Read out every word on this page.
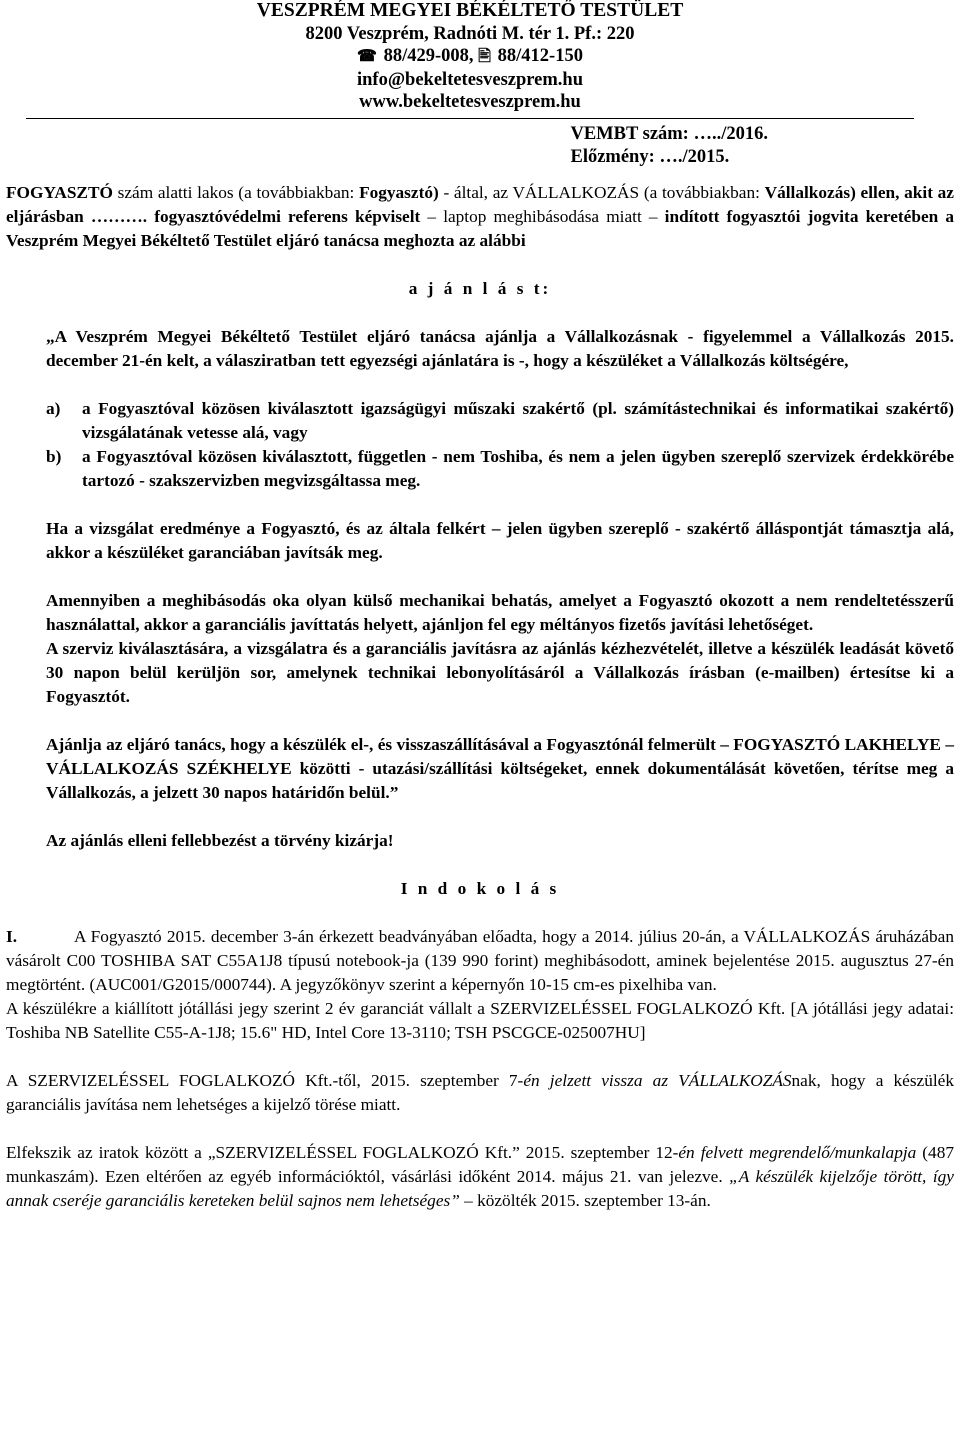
VESZPRÉM MEGYEI BÉKÉLTETŐ TESTÜLET
8200 Veszprém, Radnóti M. tér 1. Pf.: 220
☎ 88/429-008, 🖹 88/412-150
info@bekeltetesveszprem.hu
www.bekeltetesveszprem.hu
VEMBT szám: …../2016.
Előzmény: …./2015.

FOGYASZTÓ szám alatti lakos (a továbbiakban: Fogyasztó) - által, az VÁLLALKOZÁS (a továbbiakban: Vállalkozás) ellen, akit az eljárásban ………. fogyasztóvédelmi referens képviselt – laptop meghibásodása miatt – indított fogyasztói jogvita keretében a Veszprém Megyei Békéltető Testület eljáró tanácsa meghozta az alábbi

a j á n l á s t:

„A Veszprém Megyei Békéltető Testület eljáró tanácsa ajánlja a Vállalkozásnak - figyelemmel a Vállalkozás 2015. december 21-én kelt, a válasziratban tett egyezségi ajánlatára is -, hogy a készüléket a Vállalkozás költségére,

a) a Fogyasztóval közösen kiválasztott igazságügyi műszaki szakértő (pl. számítástechnikai és informatikai szakértő) vizsgálatának vetesse alá, vagy
b) a Fogyasztóval közösen kiválasztott, független - nem Toshiba, és nem a jelen ügyben szereplő szervizek érdekkörébe tartozó - szakszervizben megvizsgáltassa meg.

Ha a vizsgálat eredménye a Fogyasztó, és az általa felkért – jelen ügyben szereplő - szakértő álláspontját támasztja alá, akkor a készüléket garanciában javítsák meg.

Amennyiben a meghibásodás oka olyan külső mechanikai behatás, amelyet a Fogyasztó okozott a nem rendeltetésszerű használattal, akkor a garanciális javíttatás helyett, ajánljon fel egy méltányos fizetős javítási lehetőséget.

A szerviz kiválasztására, a vizsgálatra és a garanciális javításra az ajánlás kézhezvételét, illetve a készülék leadását követő 30 napon belül kerüljön sor, amelynek technikai lebonyolításáról a Vállalkozás írásban (e-mailben) értesítse ki a Fogyasztót.

Ajánlja az eljáró tanács, hogy a készülék el-, és visszaszállításával a Fogyasztónál felmerült – FOGYASZTÓ LAKHELYE – VÁLLALKOZÁS SZÉKHELYE közötti - utazási/szállítási költségeket, ennek dokumentálását követően, térítse meg a Vállalkozás, a jelzett 30 napos határidőn belül.”

Az ajánlás elleni fellebbezést a törvény kizárja!

I n d o k o l á s

I.	A Fogyasztó 2015. december 3-án érkezett beadványában előadta, hogy a 2014. július 20-án, a VÁLLALKOZÁS áruházában vásárolt C00 TOSHIBA SAT C55A1J8 típusú notebook-ja (139 990 forint) meghibásodott, aminek bejelentése 2015. augusztus 27-én megtörtént. (AUC001/G2015/000744). A jegyzőkönyv szerint a képernyőn 10-15 cm-es pixelhiba van.

A készülékre a kiállított jótállási jegy szerint 2 év garanciát vállalt a SZERVIZELÉSSEL FOGLALKOZÓ Kft. [A jótállási jegy adatai: Toshiba NB Satellite C55-A-1J8; 15.6" HD, Intel Core 13-3110; TSH PSCGCE-025007HU]

A SZERVIZELÉSSEL FOGLALKOZÓ Kft.-től, 2015. szeptember 7-én jelzett vissza az VÁLLALKOZÁSnak, hogy a készülék garanciális javítása nem lehetséges a kijelző törése miatt.

Elfekszik az iratok között a „SZERVIZELÉSSEL FOGLALKOZÓ Kft.” 2015. szeptember 12-én felvett megrendelő/munkalapja (487 munkaszám). Ezen eltérően az egyéb információktól, vásárlási időként 2014. május 21. van jelezve. „A készülék kijelzője törött, így annak cseréje garanciális kereteken belül sajnos nem lehetséges” – közölték 2015. szeptember 13-án.
